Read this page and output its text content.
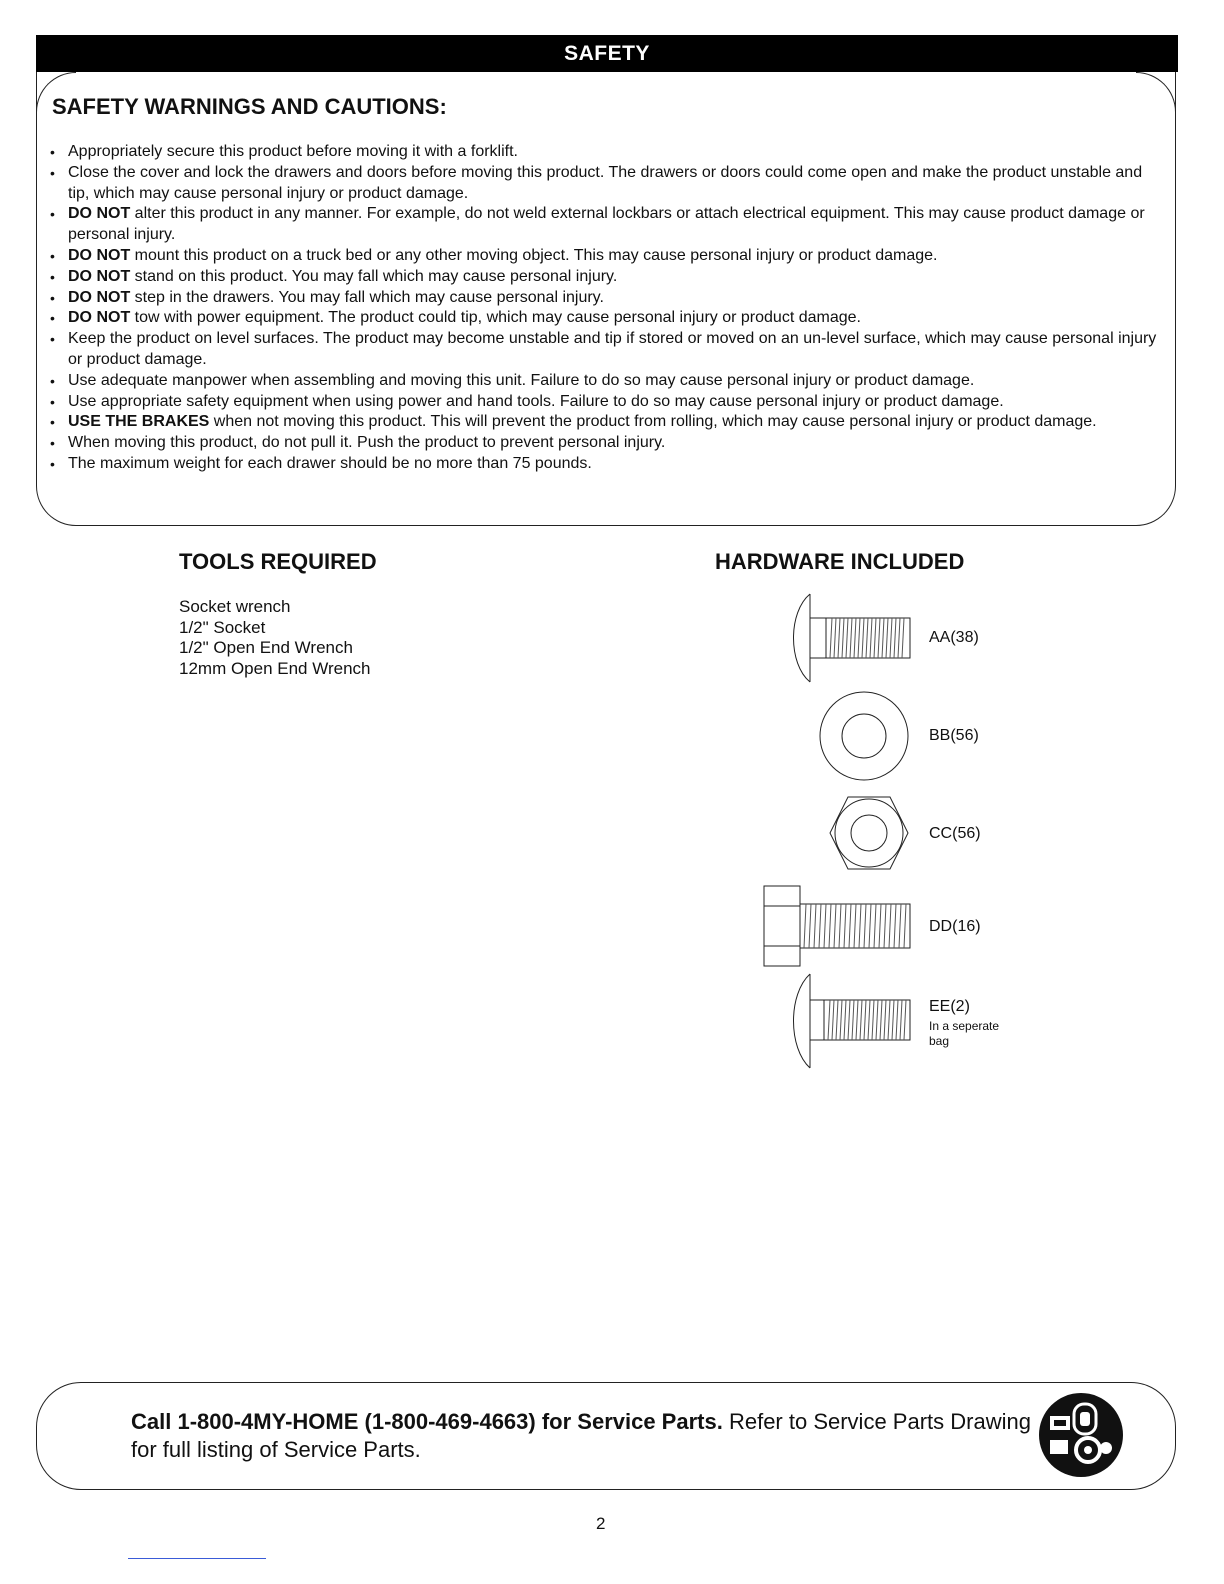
SAFETY
SAFETY WARNINGS AND CAUTIONS:
• Appropriately secure this product before moving it with a forklift.
• Close the cover and lock the drawers and doors before moving this product. The drawers or doors could come open and make the product unstable and tip, which may cause personal injury or product damage.
• DO NOT alter this product in any manner. For example, do not weld external lockbars or attach electrical equipment. This may cause product damage or personal injury.
• DO NOT mount this product on a truck bed or any other moving object. This may cause personal injury or product damage.
• DO NOT stand on this product. You may fall which may cause personal injury.
• DO NOT step in the drawers. You may fall which may cause personal injury.
• DO NOT tow with power equipment. The product could tip, which may cause personal injury or product damage.
• Keep the product on level surfaces. The product may become unstable and tip if stored or moved on an un-level surface, which may cause personal injury or product damage.
• Use adequate manpower when assembling and moving this unit. Failure to do so may cause personal injury or product damage.
• Use appropriate safety equipment when using power and hand tools. Failure to do so may cause personal injury or product damage.
• USE THE BRAKES when not moving this product. This will prevent the product from rolling, which may cause personal injury or product damage.
• When moving this product, do not pull it. Push the product to prevent personal injury.
• The maximum weight for each drawer should be no more than 75 pounds.
TOOLS REQUIRED
Socket wrench
1/2" Socket
1/2" Open End Wrench
12mm Open End Wrench
HARDWARE INCLUDED
AA(38)
BB(56)
CC(56)
DD(16)
EE(2)
In a seperate
bag
Call 1-800-4MY-HOME (1-800-469-4663) for Service Parts. Refer to Service Parts Drawing for full listing of Service Parts.
2
